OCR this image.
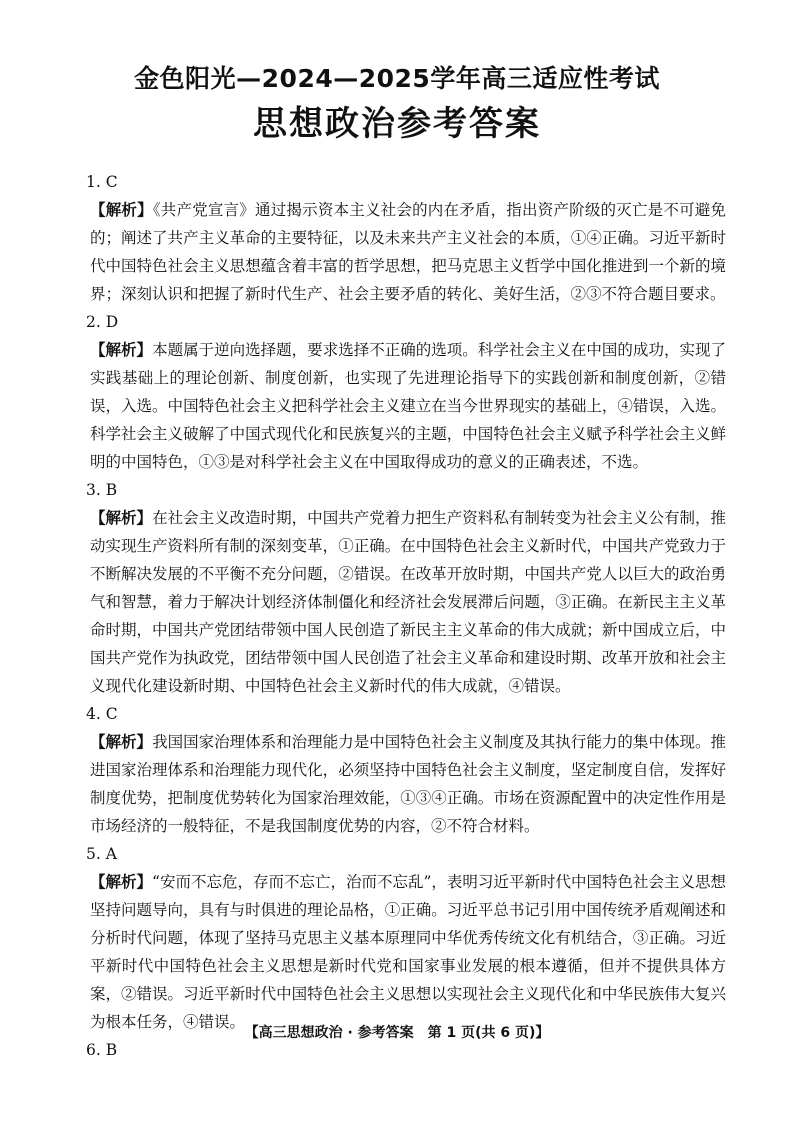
金色阳光—2024—2025学年高三适应性考试
思想政治参考答案
1. C
【解析】《共产党宣言》通过揭示资本主义社会的内在矛盾，指出资产阶级的灭亡是不可避免的；阐述了共产主义革命的主要特征，以及未来共产主义社会的本质，①④正确。习近平新时代中国特色社会主义思想蕴含着丰富的哲学思想，把马克思主义哲学中国化推进到一个新的境界；深刻认识和把握了新时代生产、社会主要矛盾的转化、美好生活，②③不符合题目要求。
2. D
【解析】本题属于逆向选择题，要求选择不正确的选项。科学社会主义在中国的成功，实现了实践基础上的理论创新、制度创新，也实现了先进理论指导下的实践创新和制度创新，②错误，入选。中国特色社会主义把科学社会主义建立在当今世界现实的基础上，④错误，入选。科学社会主义破解了中国式现代化和民族复兴的主题，中国特色社会主义赋予科学社会主义鲜明的中国特色，①③是对科学社会主义在中国取得成功的意义的正确表述，不选。
3. B
【解析】在社会主义改造时期，中国共产党着力把生产资料私有制转变为社会主义公有制，推动实现生产资料所有制的深刻变革，①正确。在中国特色社会主义新时代，中国共产党致力于不断解决发展的不平衡不充分问题，②错误。在改革开放时期，中国共产党人以巨大的政治勇气和智慧，着力于解决计划经济体制僵化和经济社会发展滞后问题，③正确。在新民主主义革命时期，中国共产党团结带领中国人民创造了新民主主义革命的伟大成就；新中国成立后，中国共产党作为执政党，团结带领中国人民创造了社会主义革命和建设时期、改革开放和社会主义现代化建设新时期、中国特色社会主义新时代的伟大成就，④错误。
4. C
【解析】我国国家治理体系和治理能力是中国特色社会主义制度及其执行能力的集中体现。推进国家治理体系和治理能力现代化，必须坚持中国特色社会主义制度，坚定制度自信，发挥好制度优势，把制度优势转化为国家治理效能，①③④正确。市场在资源配置中的决定性作用是市场经济的一般特征，不是我国制度优势的内容，②不符合材料。
5. A
【解析】“安而不忘危，存而不忘亡，治而不忘乱”，表明习近平新时代中国特色社会主义思想坚持问题导向，具有与时俱进的理论品格，①正确。习近平总书记引用中国传统矛盾观阐述和分析时代问题，体现了坚持马克思主义基本原理同中华优秀传统文化有机结合，③正确。习近平新时代中国特色社会主义思想是新时代党和国家事业发展的根本遵循，但并不提供具体方案，②错误。习近平新时代中国特色社会主义思想以实现社会主义现代化和中华民族伟大复兴为根本任务，④错误。
6. B
【高三思想政治 · 参考答案　第 1 页(共 6 页)】
